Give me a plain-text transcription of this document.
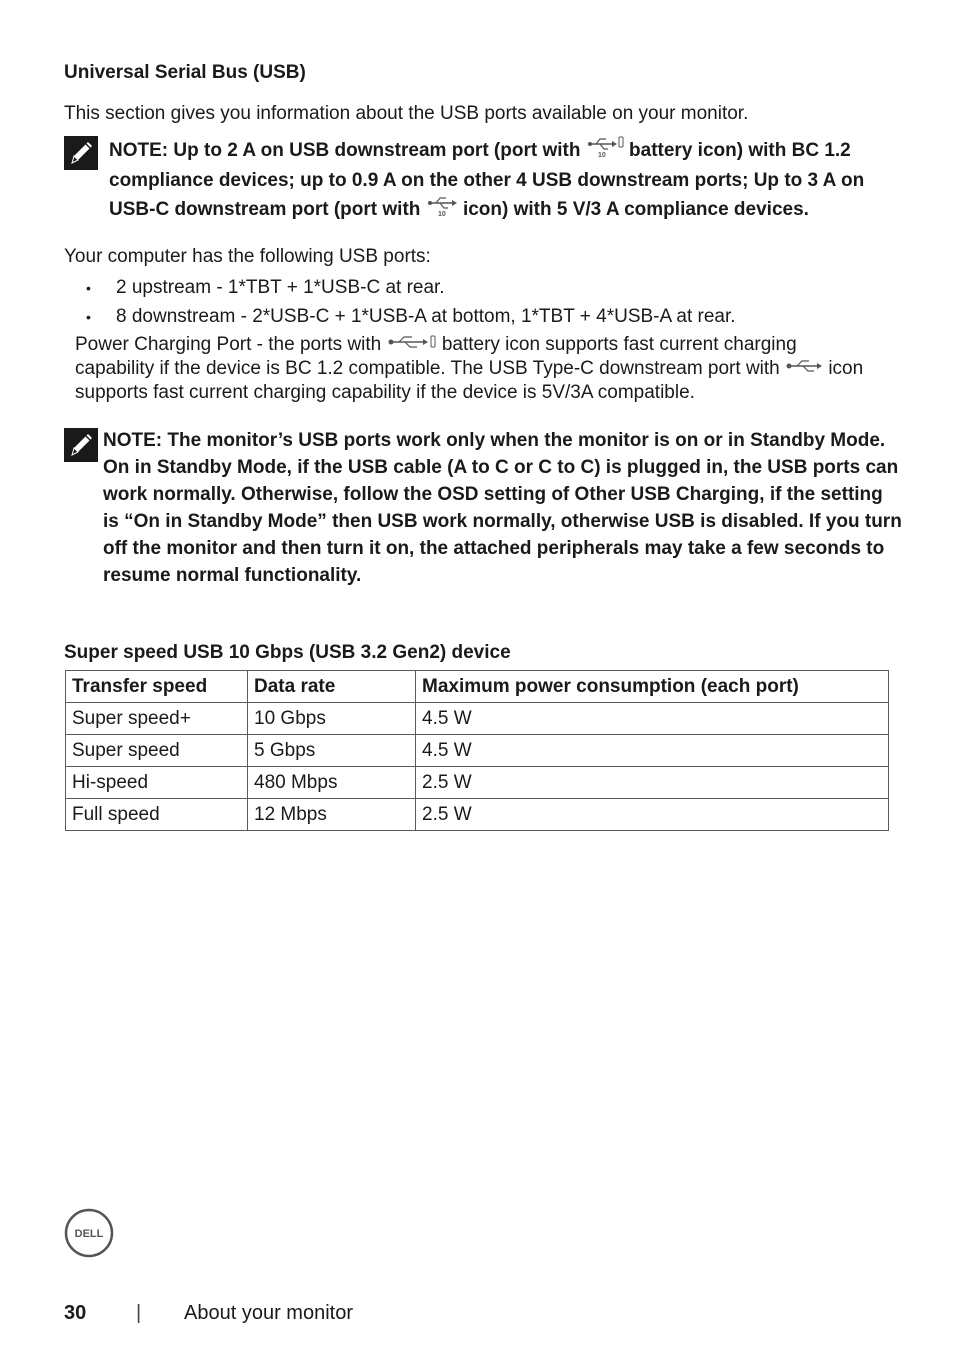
Universal Serial Bus (USB)
This section gives you information about the USB ports available on your monitor.
NOTE: Up to 2 A on USB downstream port (port with 10 battery icon) with BC 1.2 compliance devices; up to 0.9 A on the other 4 USB downstream ports; Up to 3 A on USB-C downstream port (port with 10 icon) with 5 V/3 A compliance devices.
Your computer has the following USB ports:
• 2 upstream - 1*TBT + 1*USB-C at rear.
• 8 downstream - 2*USB-C + 1*USB-A at bottom, 1*TBT + 4*USB-A at rear.
Power Charging Port - the ports with	battery icon supports fast current charging capability if the device is BC 1.2 compatible. The USB Type-C downstream port with	icon supports fast current charging capability if the device is 5V/3A compatible.
NOTE: The monitor’s USB ports work only when the monitor is on or in Standby Mode. On in Standby Mode, if the USB cable (A to C or C to C) is plugged in, the USB ports can work normally. Otherwise, follow the OSD setting of Other USB Charging, if the setting is “On in Standby Mode” then USB work normally, otherwise USB is disabled. If you turn off the monitor and then turn it on, the attached peripherals may take a few seconds to resume normal functionality.
Super speed USB 10 Gbps (USB 3.2 Gen2) device
Transfer speed	Data rate	Maximum power consumption (each port)
Super speed+	10 Gbps	4.5 W
Super speed	5 Gbps	4.5 W
Hi-speed	480 Mbps	2.5 W
Full speed	12 Mbps	2.5 W
DELL
30 | About your monitor
